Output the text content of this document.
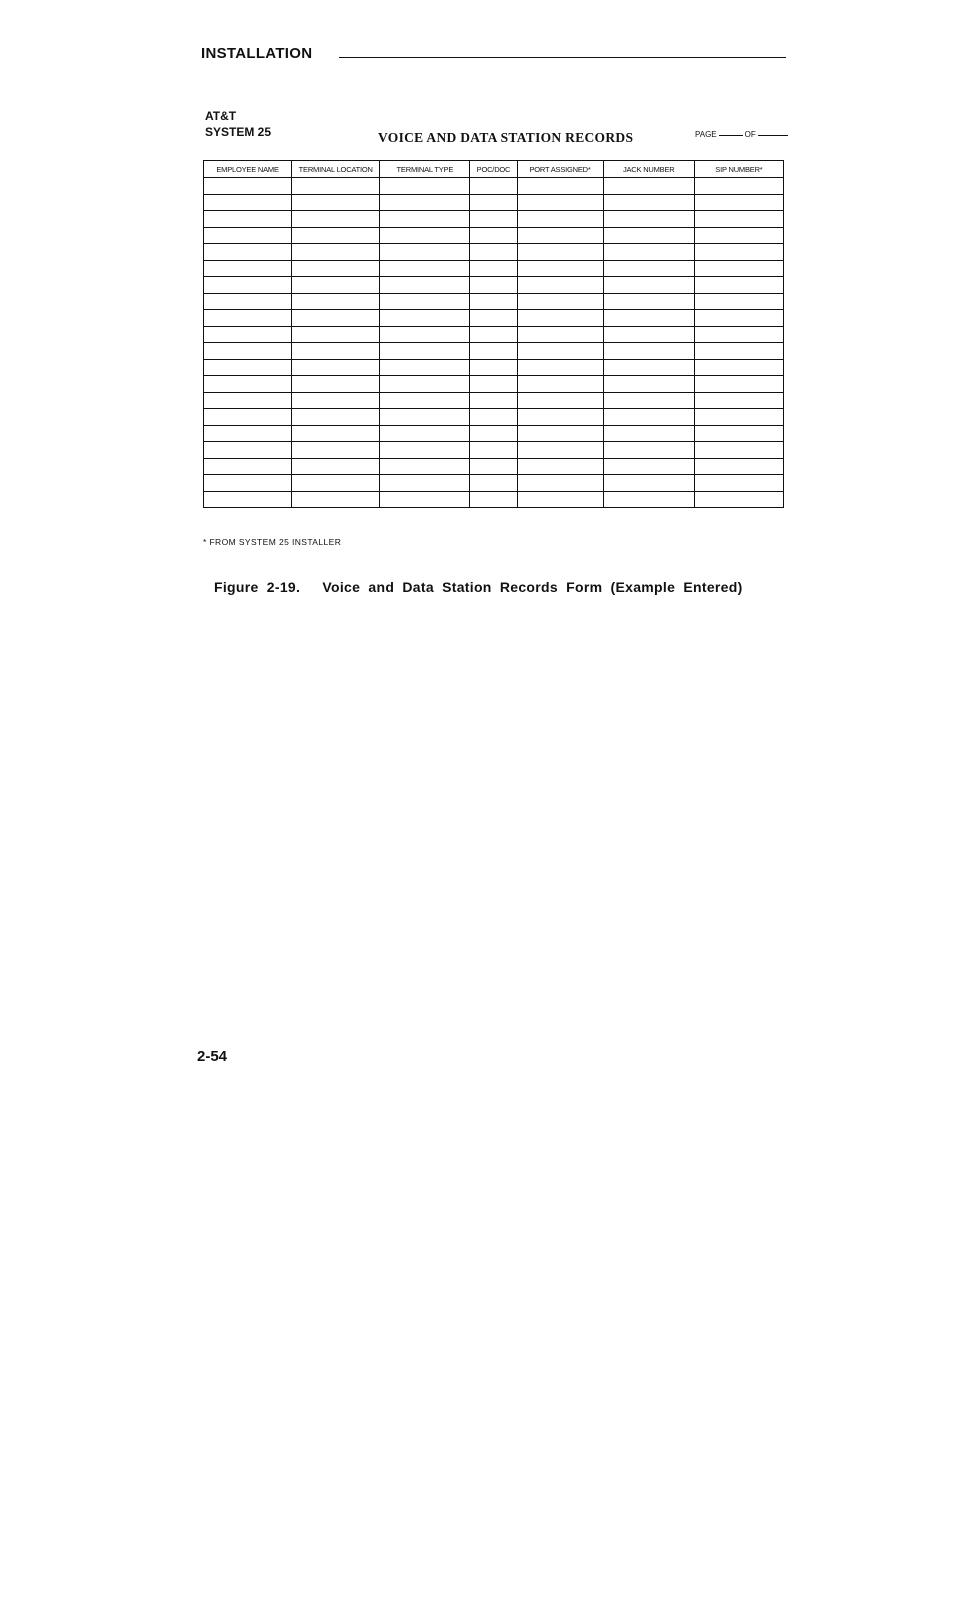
INSTALLATION
AT&T
SYSTEM 25	VOICE AND DATA STATION RECORDS	PAGE	OF
EMPLOYEE NAME	TERMINAL LOCATION	TERMINAL TYPE	POC/DOC	PORT ASSIGNED*	JACK NUMBER	SIP NUMBER*

* FROM SYSTEM 25 INSTALLER
Figure 2-19. Voice and Data Station Records Form (Example Entered)
2-54
